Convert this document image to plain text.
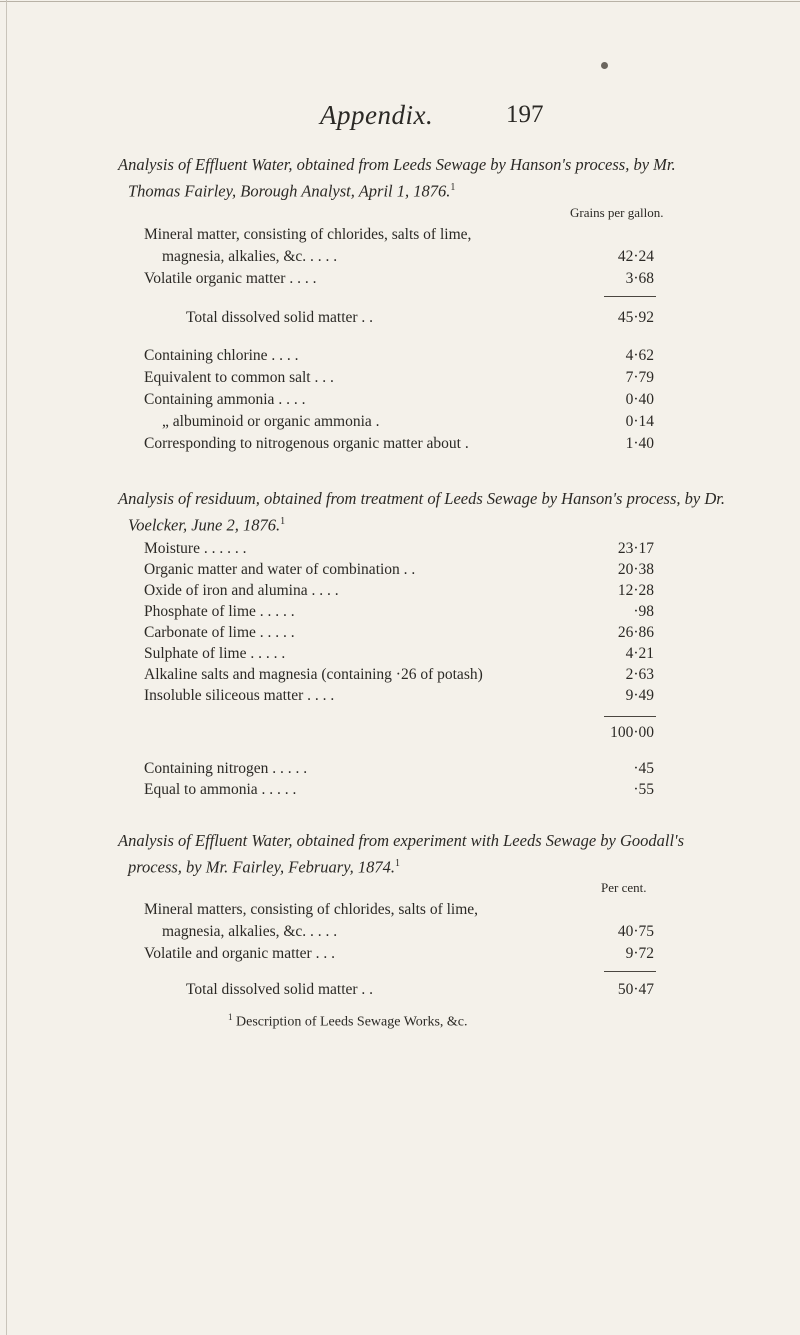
Appendix.	197

Analysis of Effluent Water, obtained from Leeds Sewage by Hanson's process, by Mr. Thomas Fairley, Borough Analyst, April 1, 1876.$^1$

Grains per gallon.
Mineral matter, consisting of chlorides, salts of lime,
magnesia, alkalies, &c. . . . .	42·24
Volatile organic matter . . . .	3·68
Total dissolved solid matter . .	45·92
Containing chlorine . . . .	4·62
Equivalent to common salt . . .	7·79
Containing ammonia . . . .	0·40
„ albuminoid or organic ammonia .	0·14
Corresponding to nitrogenous organic matter about .	1·40

Analysis of residuum, obtained from treatment of Leeds Sewage by Hanson's process, by Dr. Voelcker, June 2, 1876.$^1$

Moisture . . . . . .	23·17
Organic matter and water of combination . .	20·38
Oxide of iron and alumina . . . .	12·28
Phosphate of lime . . . . .	·98
Carbonate of lime . . . . .	26·86
Sulphate of lime . . . . .	4·21
Alkaline salts and magnesia (containing ·26 of potash)	2·63
Insoluble siliceous matter . . . .	9·49
100·00
Containing nitrogen . . . . .	·45
Equal to ammonia . . . . .	·55

Analysis of Effluent Water, obtained from experiment with Leeds Sewage by Goodall's process, by Mr. Fairley, February, 1874.$^1$

Per cent.
Mineral matters, consisting of chlorides, salts of lime,
magnesia, alkalies, &c. . . . .	40·75
Volatile and organic matter . . .	9·72
Total dissolved solid matter . .	50·47
$^1$ Description of Leeds Sewage Works, &c.
